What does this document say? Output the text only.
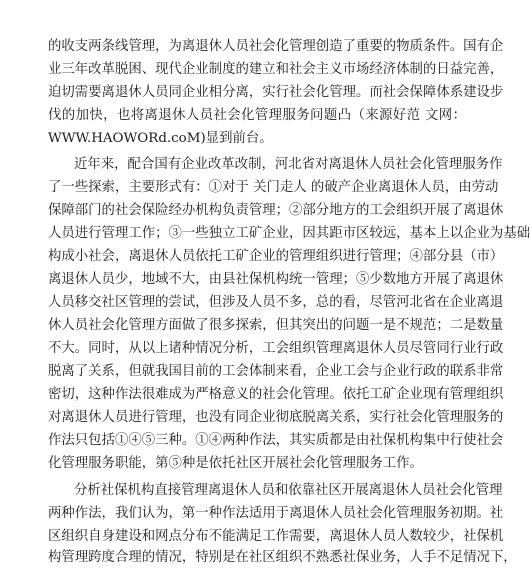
的收支两条线管理，为离退休人员社会化管理创造了重要的物质条件。国有企
业三年改革脱困、现代企业制度的建立和社会主义市场经济体制的日益完善，
迫切需要离退休人员同企业相分离，实行社会化管理。而社会保障体系建设步
伐的加快，也将离退休人员社会化管理服务问题凸（来源好范 文网：
WWW.HAOWORd.coM)显到前台。
近年来，配合国有企业改革改制，河北省对离退休人员社会化管理服务作
了一些探索，主要形式有：①对于 关门走人 的破产企业离退休人员，由劳动
保障部门的社会保险经办机构负责管理；②部分地方的工会组织开展了离退休
人员进行管理工作；③一些独立工矿企业，因其距市区较远，基本上以企业为基础
构成小社会，离退休人员依托工矿企业的管理组织进行管理；④部分县（市）
离退休人员少，地域不大，由县社保机构统一管理；⑤少数地方开展了离退休
人员移交社区管理的尝试，但涉及人员不多，总的看，尽管河北省在企业离退
休人员社会化管理方面做了很多探索，但其突出的问题一是不规范；二是数量
不大。同时，从以上诸种情况分析，工会组织管理离退休人员尽管同行业行政
脱离了关系，但就我国目前的工会体制来看，企业工会与企业行政的联系非常
密切，这种作法很难成为严格意义的社会化管理。依托工矿企业现有管理组织
对离退休人员进行管理，也没有同企业彻底脱离关系，实行社会化管理服务的
作法只包括①④⑤三种。①④两种作法，其实质都是由社保机构集中行使社会
化管理服务职能，第⑤种是依托社区开展社会化管理服务工作。
分析社保机构直接管理离退休人员和依靠社区开展离退休人员社会化管理
两种作法，我们认为，第一种作法适用于离退休人员社会化管理服务初期。社
区组织自身建设和网点分布不能满足工作需要，离退休人员人数较少，社保机
构管理跨度合理的情况，特别是在社区组织不熟悉社保业务，人手不足情况下，
